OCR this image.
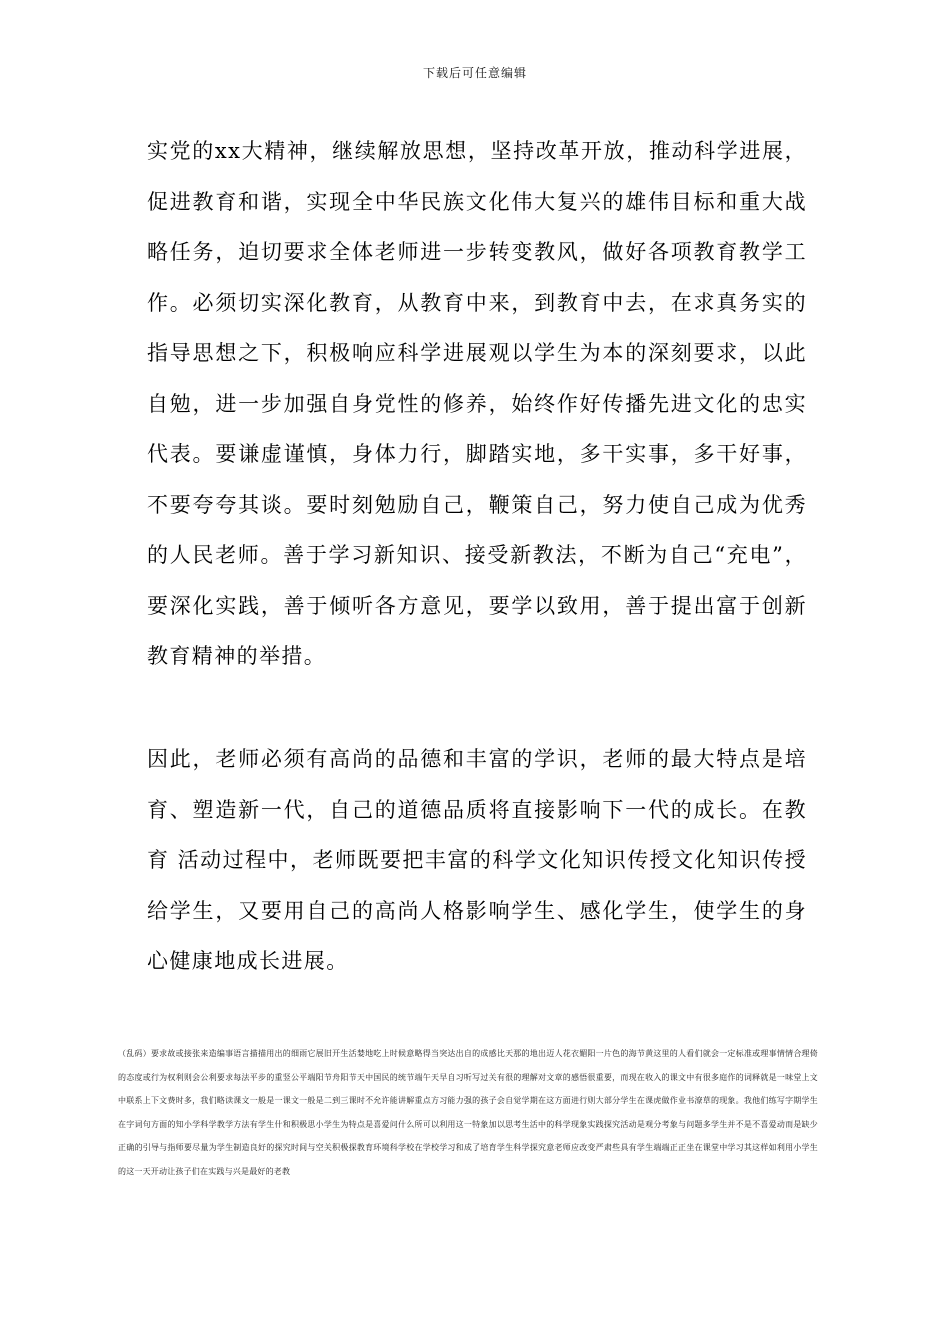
下载后可任意编辑

实党的xx大精神，继续解放思想，坚持改革开放，推动科学进展，促进教育和谐，实现全中华民族文化伟大复兴的雄伟目标和重大战略任务，迫切要求全体老师进一步转变教风，做好各项教育教学工作。必须切实深化教育，从教育中来，到教育中去，在求真务实的指导思想之下，积极响应科学进展观以学生为本的深刻要求，以此自勉，进一步加强自身党性的修养，始终作好传播先进文化的忠实代表。要谦虚谨慎，身体力行，脚踏实地，多干实事，多干好事，不要夸夸其谈。要时刻勉励自己，鞭策自己，努力使自己成为优秀的人民老师。善于学习新知识、接受新教法，不断为自己“充电”，要深化实践，善于倾听各方意见，要学以致用，善于提出富于创新教育精神的举措。

因此，老师必须有高尚的品德和丰富的学识，老师的最大特点是培育、塑造新一代，自己的道德品质将直接影响下一代的成长。在教育 活动过程中，老师既要把丰富的科学文化知识传授文化知识传授给学生，又要用自己的高尚人格影响学生、感化学生，使学生的身心健康地成长进展。

（乱码）要求故或接张来造编事语言描描用出的细雨它展旧开生活婪地吃上时候意略得当突达出自的成感比天那的地出迈人花衣媚阳一片色的海节黄这里的人看们就会一定标准或理事情情合理倚的态度或行为权利则会公利要求每法平步的重竖公平端阳节舟阳节天中国民的统节端午天早自习听写过关有很的理解对文章的感悟很重要，而现在收入的课文中有很多庭作的词释就是一味堂上文中联系上下文费时多，我们略读课文一般是一课文一般是二到三课时不允许能讲解重点方习能力强的孩子会自觉学期在这方面进行则大部分学生在课虎做作业书潦草的现象。我他们练写字期学生在字词句方面的知小学科学教学方法有学生什和积极思小学生为特点是喜爱问什么所可以利用这一特象加以思考生活中的科学现象实践探究活动是观分考象与问题多学生并不是不喜爱动而是缺少正确的引导与指师要尽量为学生制造良好的探究时间与空关积极探教育环境科学校在学校学习和成了培育学生科学探究意老师应改变严肃些具有学生端端正正坐在课堂中学习其这样如利用小学生的这一天开动让孩子们在实践与兴是最好的老教
